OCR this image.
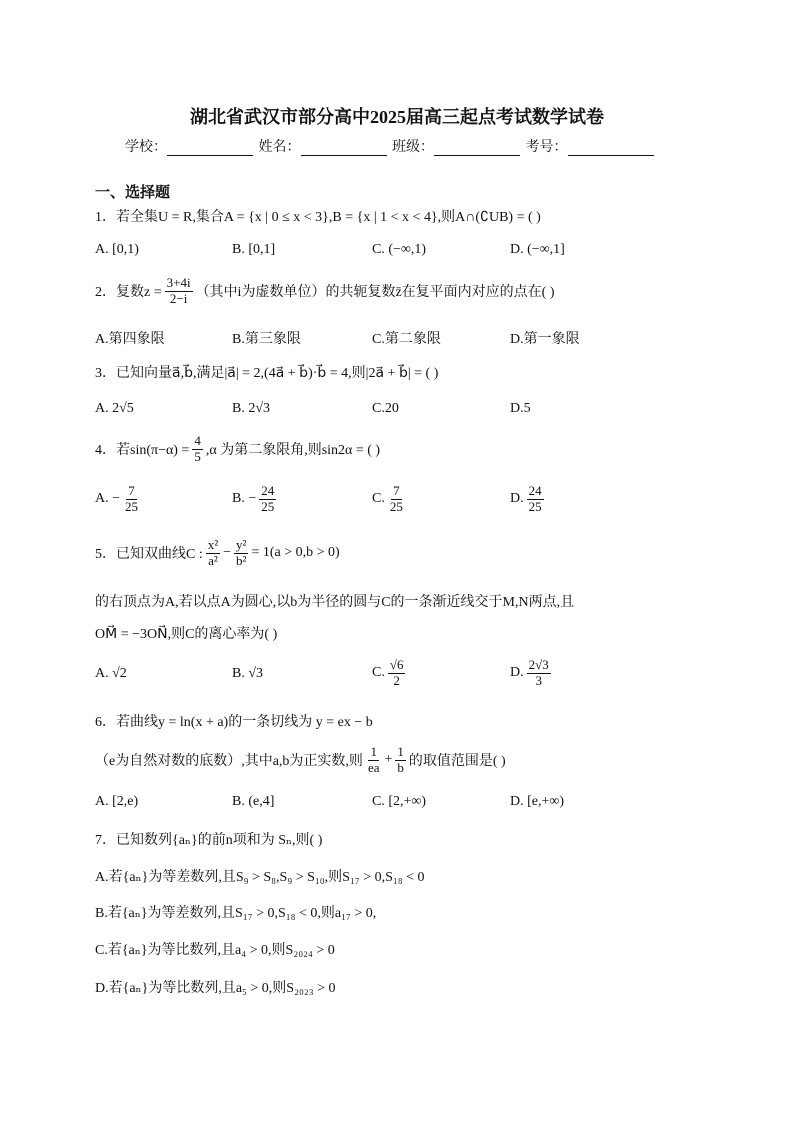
湖北省武汉市部分高中2025届高三起点考试数学试卷
学校：	姓名：	班级：	考号：
一、选择题
1．若全集U = R,集合A = {x | 0 ≤ x < 3},B = {x | 1 < x < 4},则A∩(∁UB) = ( )
A. [0,1)	B. [0,1]	C. (−∞,1)	D. (−∞,1]
2．复数$z = \frac{3+4i}{2-i}$ （其中i为虚数单位）的共轭复数z̄在复平面内对应的点在( )
A.第四象限	B.第三象限	C.第二象限	D.第一象限
3．已知向量a⃗,b⃗,满足|a⃗| = 2,(4a⃗ + b⃗)·b⃗ = 4,则|2a⃗ + b⃗| = ( )
A. 2√5	B. 2√3	C.20	D.5
4．若$\sin(\pi-\alpha) = \frac{4}{5} ,\alpha$ 为第二象限角,则sin2α = ( )
A. − $\frac{7}{25}$	B. − $\frac{24}{25}$	C. $\frac{7}{25}$	D. $\frac{24}{25}$
5．已知双曲线C : $\frac{\text{x²}}{\text{a²}} - \frac{\text{y²}}{\text{b²}} = 1(a > 0,b > 0)$
的右顶点为A,若以点A为圆心,以b为半径的圆与C的一条渐近线交于M,N两点,且
OM⃗ = −3ON⃗,则C的离心率为( )
A. √2	B. √3	C. $\frac{√6}{2}$	D. $\frac{2√3}{3}$
6．若曲线y = ln(x + a)的一条切线为 y = ex − b
（e为自然对数的底数）,其中a,b为正实数,则 $\frac{1}{ea} + \frac{1}{b}$ 的取值范围是( )
A. [2,e)	B. (e,4]	C. [2,+∞)	D. [e,+∞)
7．已知数列{aₙ}的前n项和为 Sₙ,则( )
A.若{aₙ}为等差数列,且S₉ > S₈,S₉ > S₁₀,则S₁₇ > 0,S₁₈ < 0
B.若{aₙ}为等差数列,且S₁₇ > 0,S₁₈ < 0,则a₁₇ > 0,
C.若{aₙ}为等比数列,且a₄ > 0,则S₂₀₂₄ > 0
D.若{aₙ}为等比数列,且a₅ > 0,则S₂₀₂₃ > 0
